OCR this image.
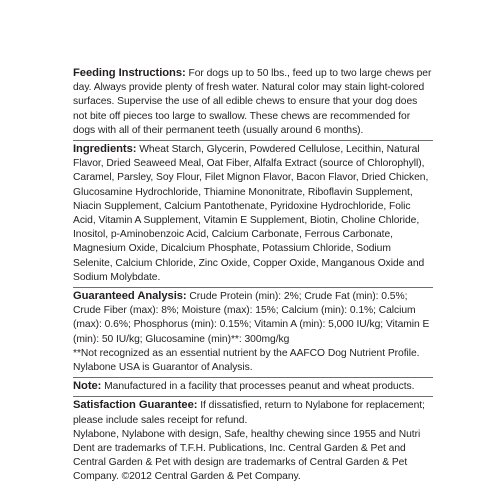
Feeding Instructions: For dogs up to 50 lbs., feed up to two large chews per day. Always provide plenty of fresh water. Natural color may stain light-colored surfaces. Supervise the use of all edible chews to ensure that your dog does not bite off pieces too large to swallow. These chews are recommended for dogs with all of their permanent teeth (usually around 6 months).

Ingredients: Wheat Starch, Glycerin, Powdered Cellulose, Lecithin, Natural Flavor, Dried Seaweed Meal, Oat Fiber, Alfalfa Extract (source of Chlorophyll), Caramel, Parsley, Soy Flour, Filet Mignon Flavor, Bacon Flavor, Dried Chicken, Glucosamine Hydrochloride, Thiamine Mononitrate, Riboflavin Supplement, Niacin Supplement, Calcium Pantothenate, Pyridoxine Hydrochloride, Folic Acid, Vitamin A Supplement, Vitamin E Supplement, Biotin, Choline Chloride, Inositol, p-Aminobenzoic Acid, Calcium Carbonate, Ferrous Carbonate, Magnesium Oxide, Dicalcium Phosphate, Potassium Chloride, Sodium Selenite, Calcium Chloride, Zinc Oxide, Copper Oxide, Manganous Oxide and Sodium Molybdate.

Guaranteed Analysis: Crude Protein (min): 2%; Crude Fat (min): 0.5%; Crude Fiber (max): 8%; Moisture (max): 15%; Calcium (min): 0.1%; Calcium (max): 0.6%; Phosphorus (min): 0.15%; Vitamin A (min): 5,000 IU/kg; Vitamin E (min): 50 IU/kg; Glucosamine (min)**: 300mg/kg

**Not recognized as an essential nutrient by the AAFCO Dog Nutrient Profile.

Nylabone USA is Guarantor of Analysis.

Note: Manufactured in a facility that processes peanut and wheat products.

Satisfaction Guarantee: If dissatisfied, return to Nylabone for replacement; please include sales receipt for refund.

Nylabone, Nylabone with design, Safe, healthy chewing since 1955 and Nutri Dent are trademarks of T.F.H. Publications, Inc. Central Garden & Pet and Central Garden & Pet with design are trademarks of Central Garden & Pet Company. ©2012 Central Garden & Pet Company.
